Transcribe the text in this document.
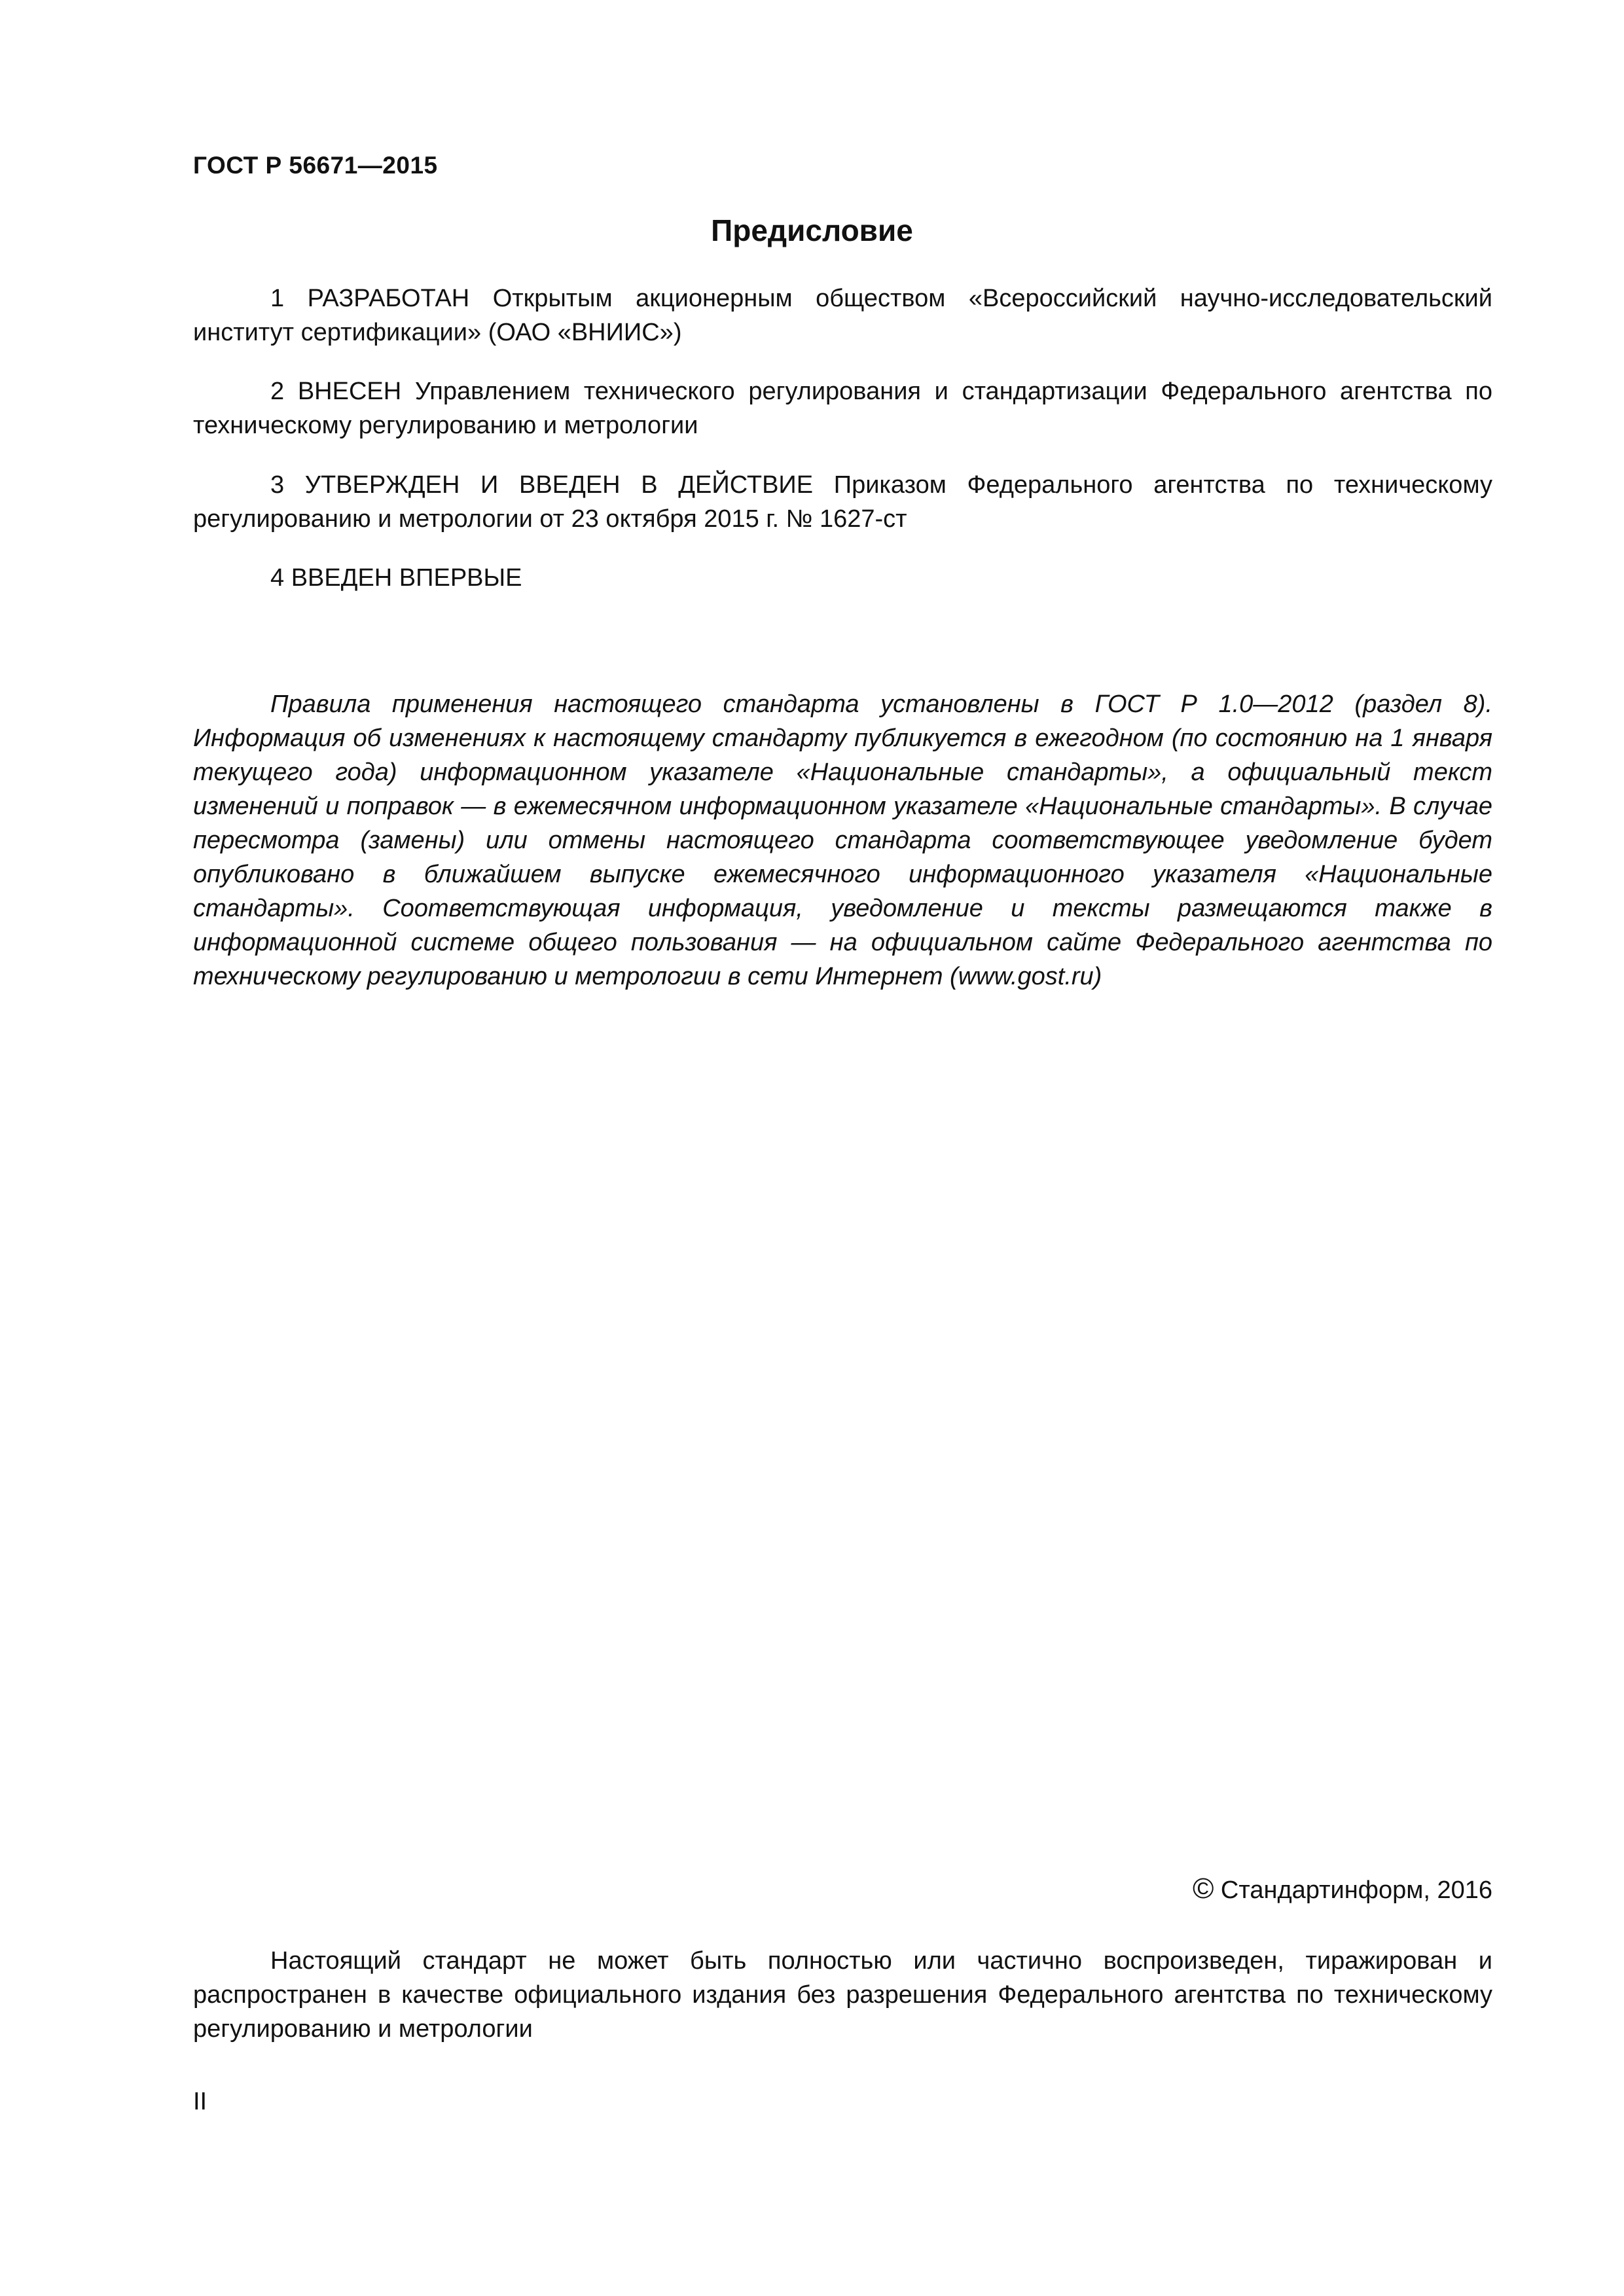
ГОСТ Р 56671—2015
Предисловие

1 РАЗРАБОТАН Открытым акционерным обществом «Всероссийский научно-исследовательский институт сертификации» (ОАО «ВНИИС»)

2 ВНЕСЕН Управлением технического регулирования и стандартизации Федерального агентства по техническому регулированию и метрологии

3 УТВЕРЖДЕН И ВВЕДЕН В ДЕЙСТВИЕ Приказом Федерального агентства по техническому регулированию и метрологии от 23 октября 2015 г. № 1627-ст

4 ВВЕДЕН ВПЕРВЫЕ

Правила применения настоящего стандарта установлены в ГОСТ Р 1.0—2012 (раздел 8). Информация об изменениях к настоящему стандарту публикуется в ежегодном (по состоянию на 1 января текущего года) информационном указателе «Национальные стандарты», а официальный текст изменений и поправок — в ежемесячном информационном указателе «Национальные стандарты». В случае пересмотра (замены) или отмены настоящего стандарта соответствующее уведомление будет опубликовано в ближайшем выпуске ежемесячного информационного указателя «Национальные стандарты». Соответствующая информация, уведомление и тексты размещаются также в информационной системе общего пользования — на официальном сайте Федерального агентства по техническому регулированию и метрологии в сети Интернет (www.gost.ru)

© Стандартинформ, 2016

Настоящий стандарт не может быть полностью или частично воспроизведен, тиражирован и распространен в качестве официального издания без разрешения Федерального агентства по техническому регулированию и метрологии

II
